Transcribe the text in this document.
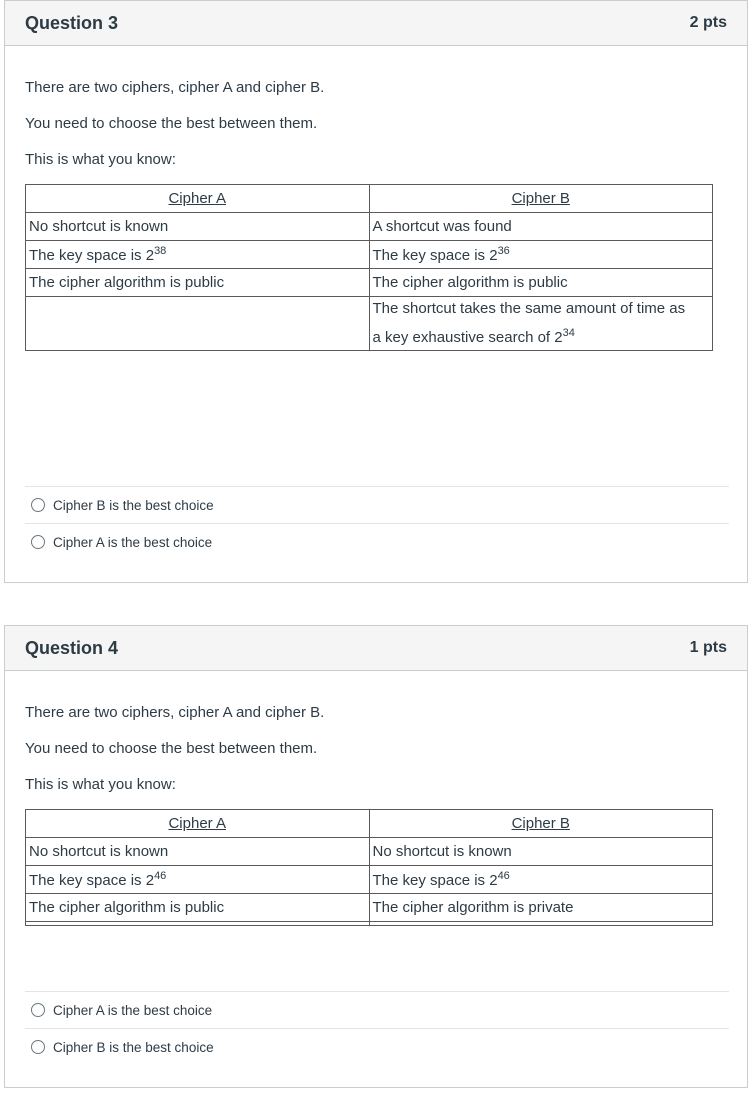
Question 3	2 pts
There are two ciphers, cipher A and cipher B.
You need to choose the best between them.
This is what you know:
Cipher A	Cipher B
No shortcut is known	A shortcut was found
The key space is $2^{38}$	The key space is $2^{36}$
The cipher algorithm is public	The cipher algorithm is public
	The shortcut takes the same amount of time as
a key exhaustive search of $2^{34}$
Cipher B is the best choice
Cipher A is the best choice
Question 4	1 pts
There are two ciphers, cipher A and cipher B.
You need to choose the best between them.
This is what you know:
Cipher A	Cipher B
No shortcut is known	No shortcut is known
The key space is $2^{46}$	The key space is $2^{46}$
The cipher algorithm is public	The cipher algorithm is private

Cipher A is the best choice
Cipher B is the best choice
